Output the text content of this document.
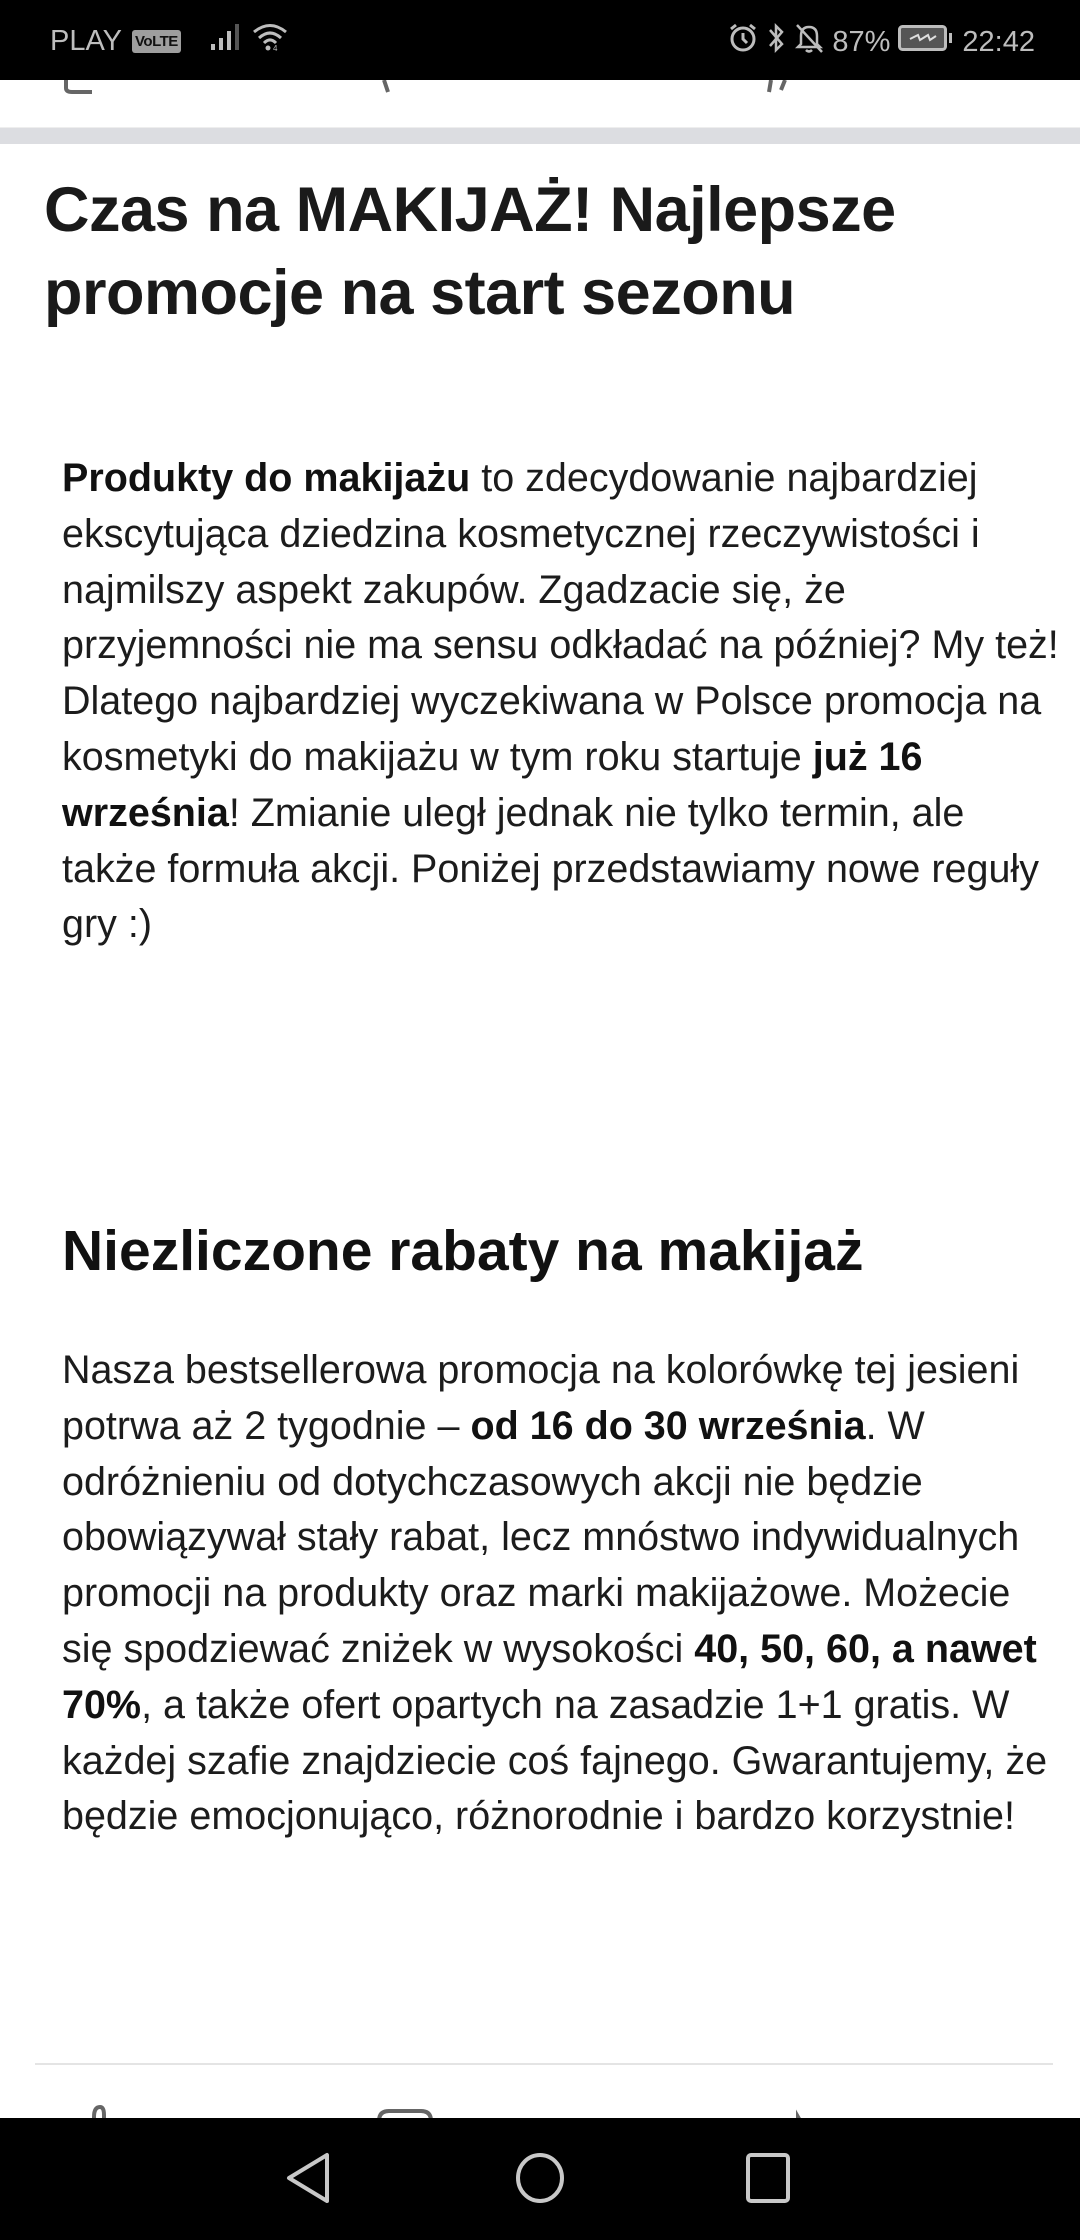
PLAY VoLTE	4	87% 22:42
Czas na MAKIJAŻ! Najlepsze promocje na start sezonu

Produkty do makijażu to zdecydowanie najbardziej ekscytująca dziedzina kosmetycznej rzeczywistości i najmilszy aspekt zakupów. Zgadzacie się, że przyjemności nie ma sensu odkładać na później? My też! Dlatego najbardziej wyczekiwana w Polsce promocja na kosmetyki do makijażu w tym roku startuje już 16 września! Zmianie uległ jednak nie tylko termin, ale także formuła akcji. Poniżej przedstawiamy nowe reguły gry :)

Niezliczone rabaty na makijaż

Nasza bestsellerowa promocja na kolorówkę tej jesieni potrwa aż 2 tygodnie – od 16 do 30 września. W odróżnieniu od dotychczasowych akcji nie będzie obowiązywał stały rabat, lecz mnóstwo indywidualnych promocji na produkty oraz marki makijażowe. Możecie się spodziewać zniżek w wysokości 40, 50, 60, a nawet 70%, a także ofert opartych na zasadzie 1+1 gratis. W każdej szafie znajdziecie coś fajnego. Gwarantujemy, że będzie emocjonująco, różnorodnie i bardzo korzystnie!
